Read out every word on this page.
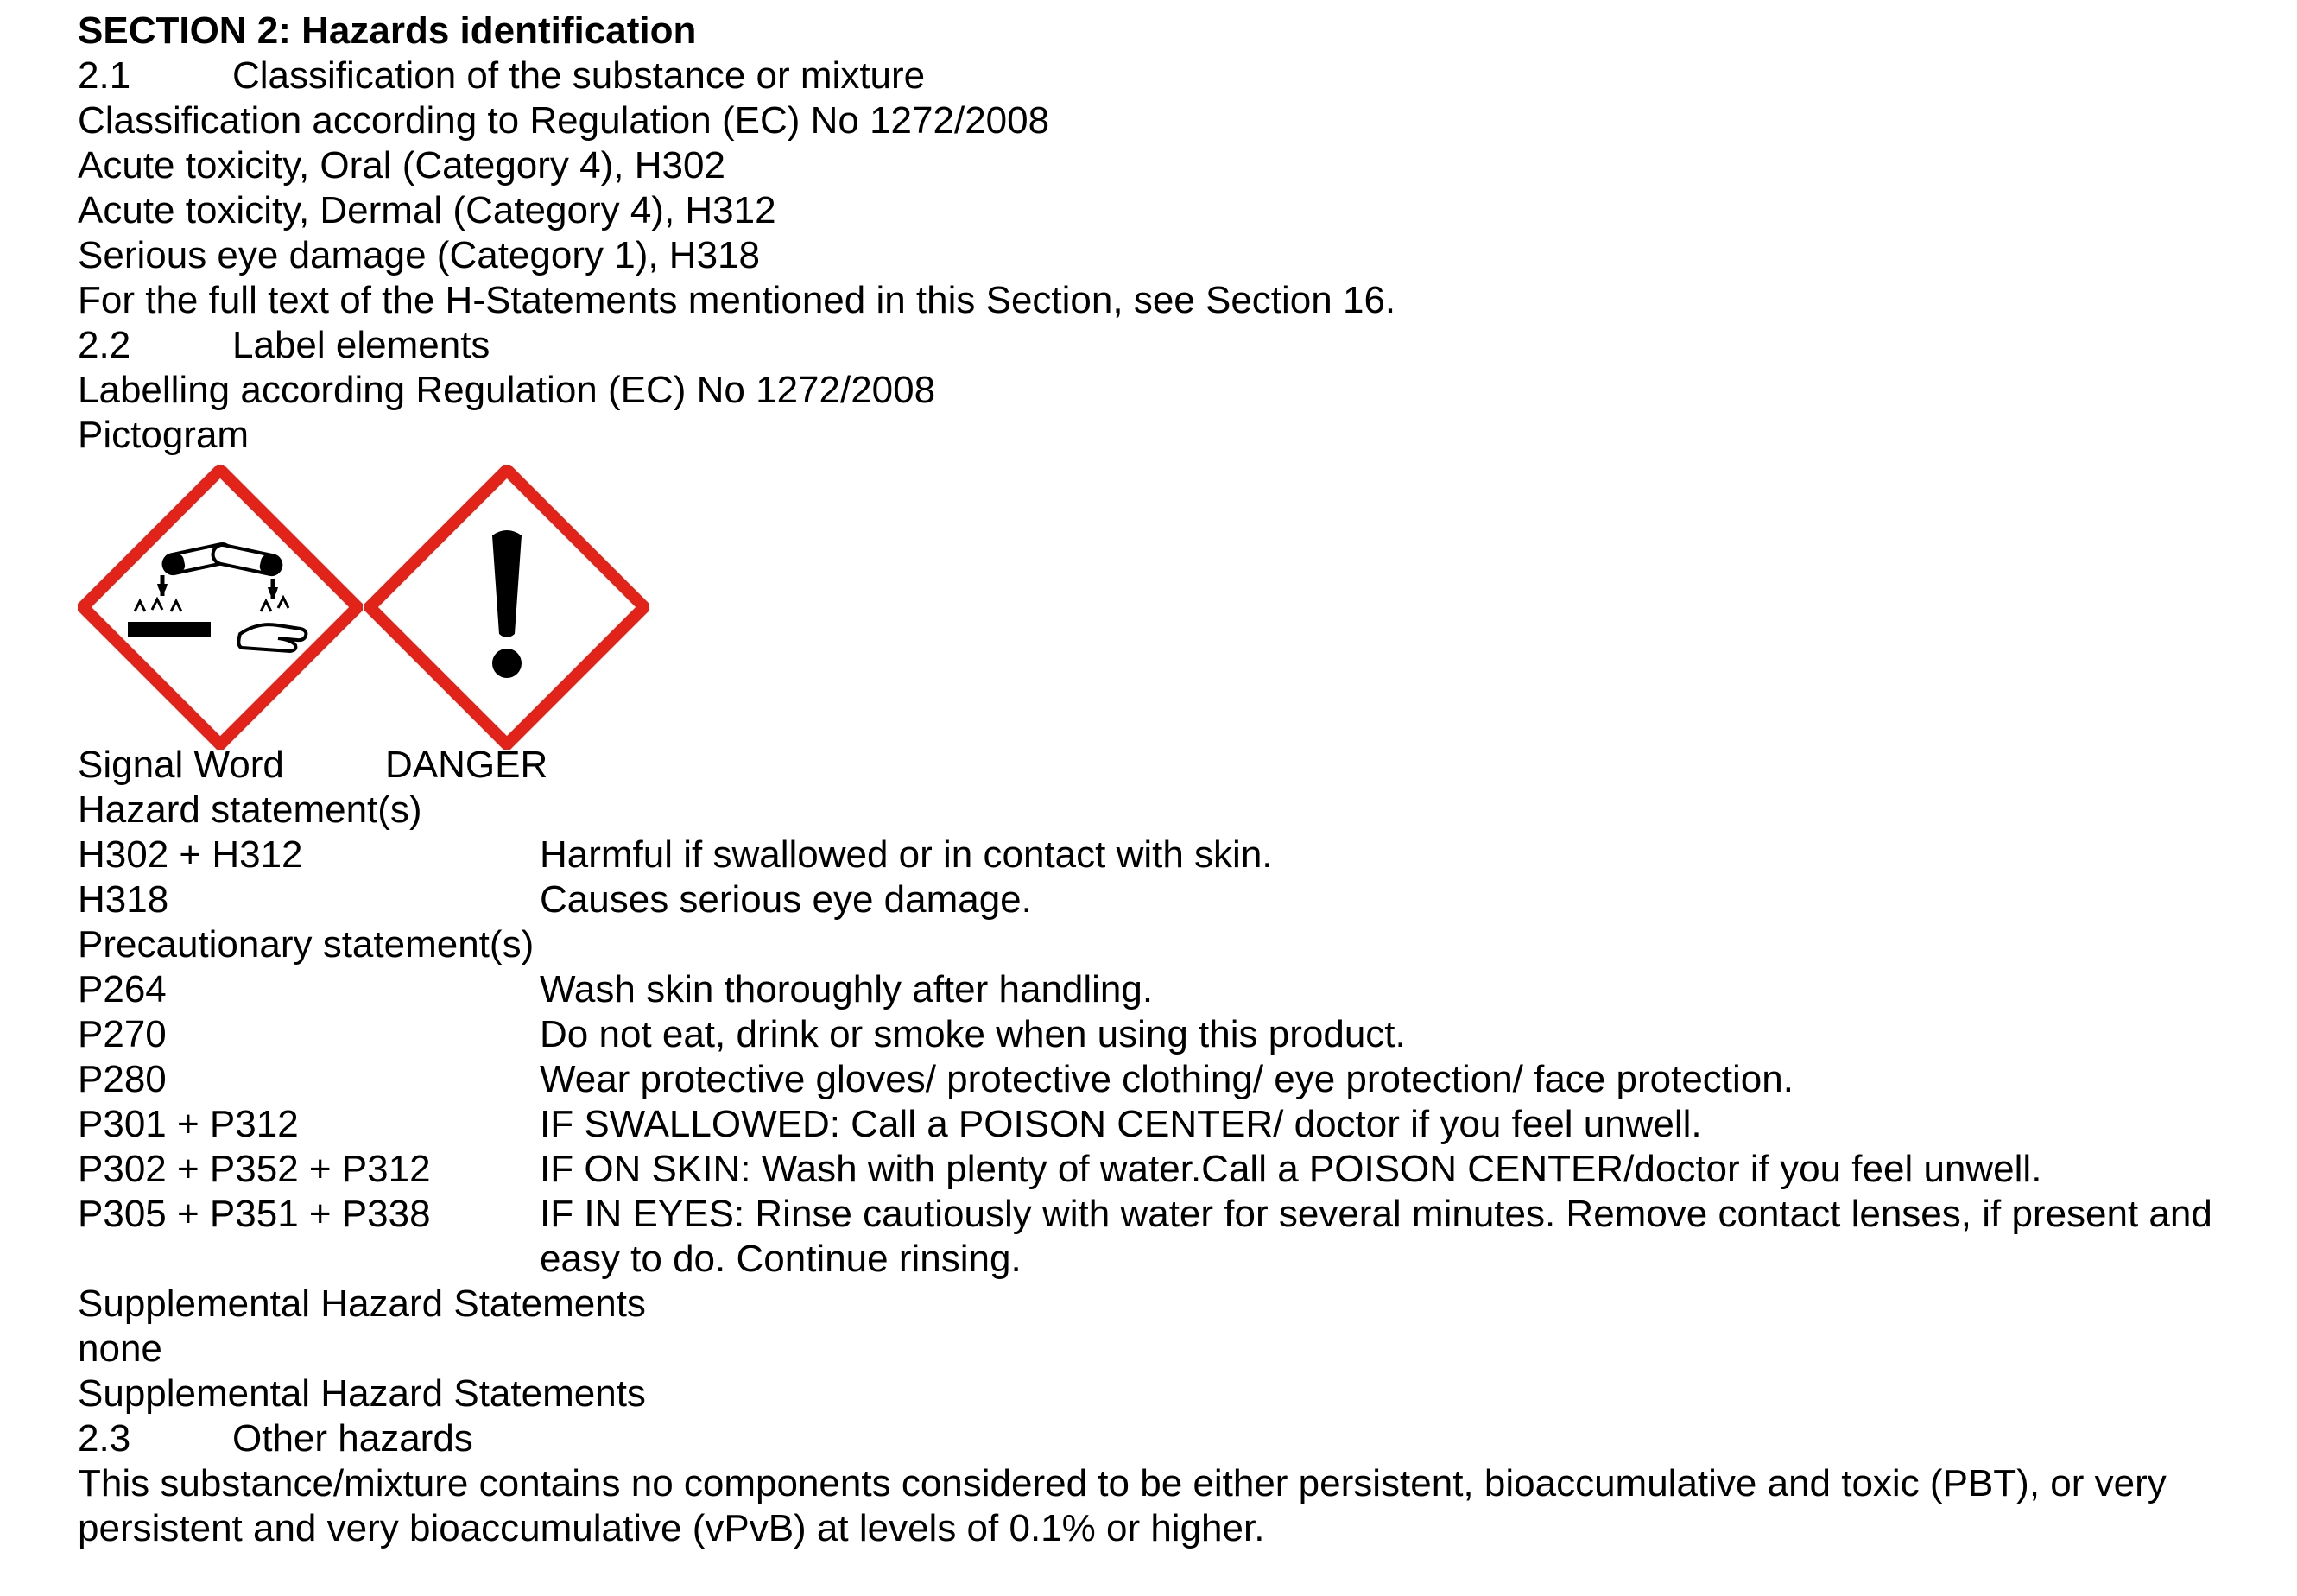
SECTION 2: Hazards identification
2.1	Classification of the substance or mixture
Classification according to Regulation (EC) No 1272/2008
Acute toxicity, Oral (Category 4), H302
Acute toxicity, Dermal (Category 4), H312
Serious eye damage (Category 1), H318
For the full text of the H-Statements mentioned in this Section, see Section 16.
2.2	Label elements
Labelling according Regulation (EC) No 1272/2008
Pictogram
Signal Word	DANGER
Hazard statement(s)
H302 + H312	Harmful if swallowed or in contact with skin.
H318	Causes serious eye damage.
Precautionary statement(s)
P264	Wash skin thoroughly after handling.
P270	Do not eat, drink or smoke when using this product.
P280	Wear protective gloves/ protective clothing/ eye protection/ face protection.
P301 + P312	IF SWALLOWED: Call a POISON CENTER/ doctor if you feel unwell.
P302 + P352 + P312	IF ON SKIN: Wash with plenty of water.Call a POISON CENTER/doctor if you feel unwell.
P305 + P351 + P338	IF IN EYES: Rinse cautiously with water for several minutes. Remove contact lenses, if present and easy to do. Continue rinsing.
Supplemental Hazard Statements
none
Supplemental Hazard Statements
2.3	Other hazards
This substance/mixture contains no components considered to be either persistent, bioaccumulative and toxic (PBT), or very persistent and very bioaccumulative (vPvB) at levels of 0.1% or higher.
